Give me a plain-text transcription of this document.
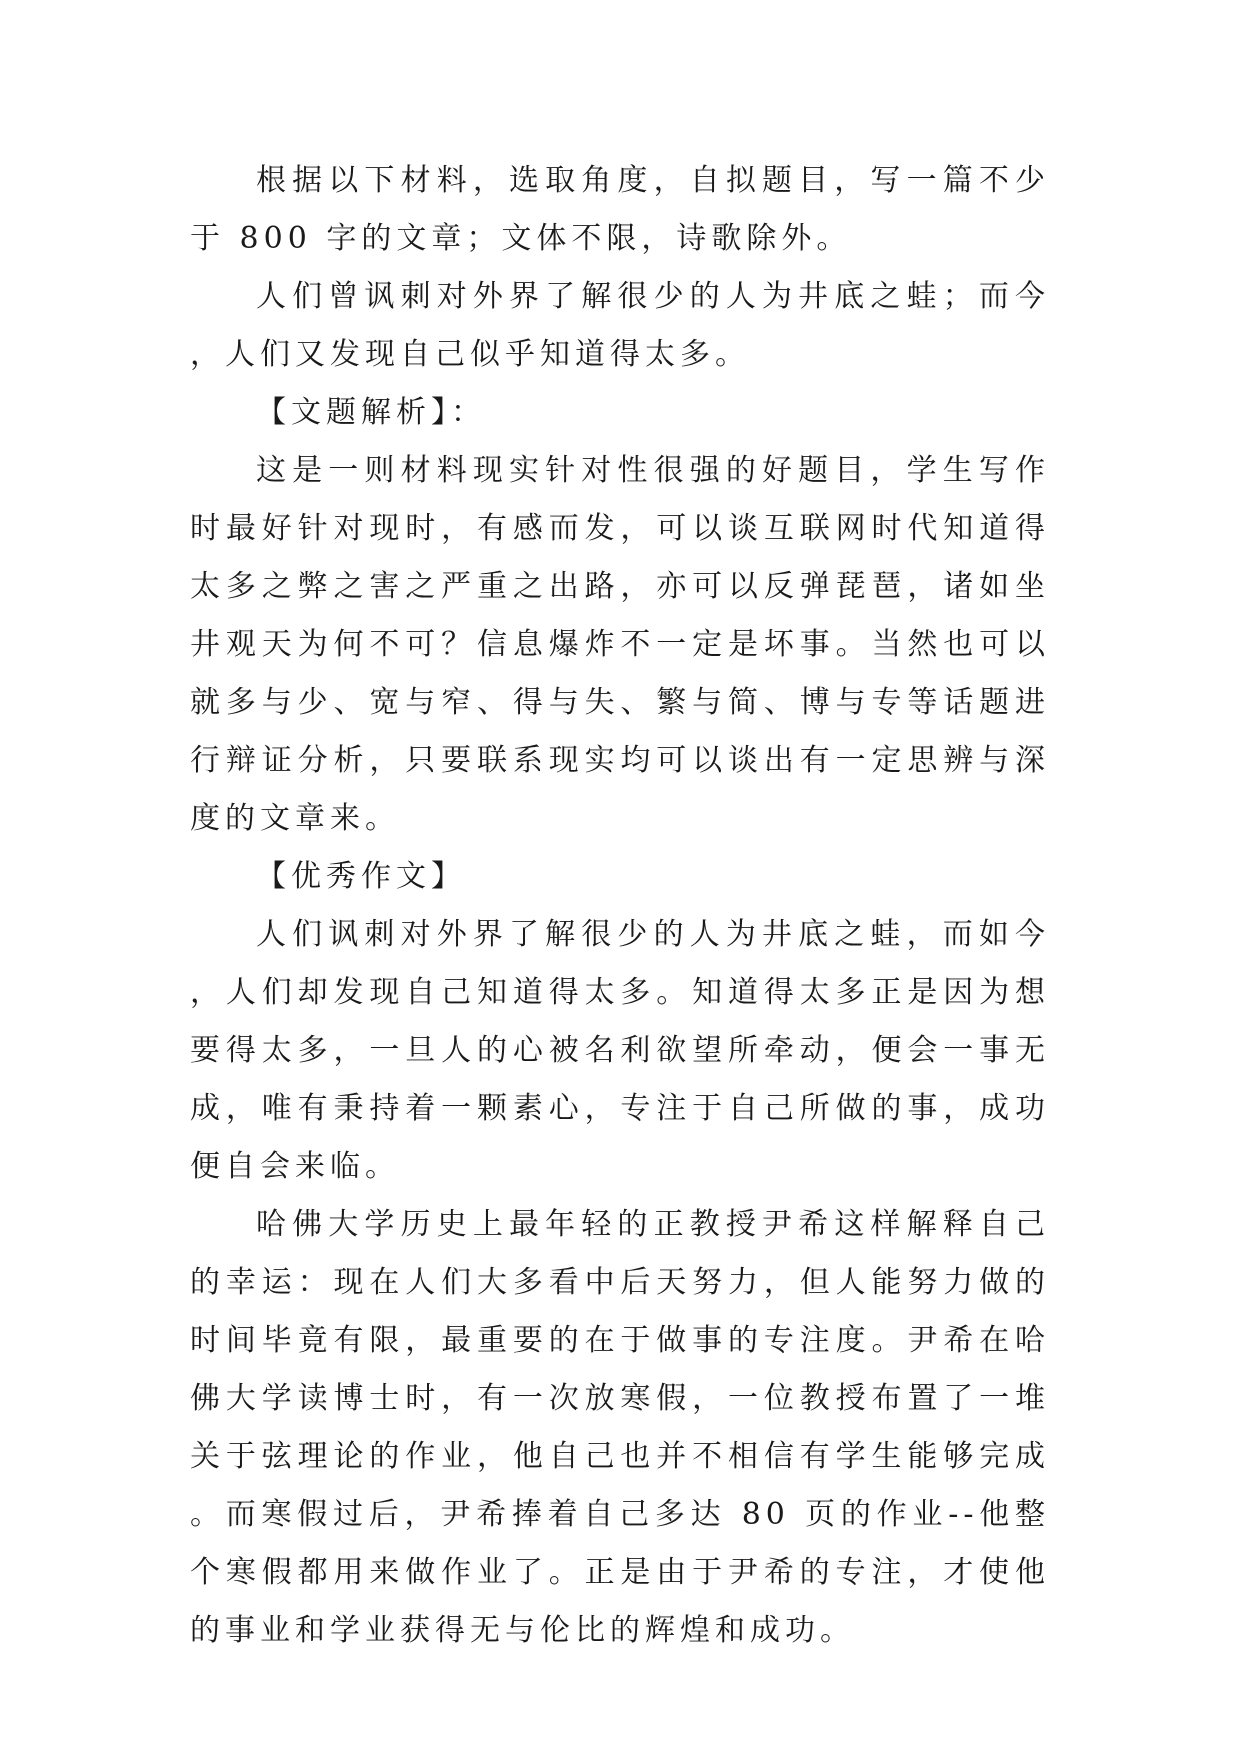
根据以下材料，选取角度，自拟题目，写一篇不少于 800 字的文章；文体不限，诗歌除外。

人们曾讽刺对外界了解很少的人为井底之蛙；而今，人们又发现自己似乎知道得太多。

【文题解析】：

这是一则材料现实针对性很强的好题目，学生写作时最好针对现时，有感而发，可以谈互联网时代知道得太多之弊之害之严重之出路，亦可以反弹琵琶，诸如坐井观天为何不可？信息爆炸不一定是坏事。当然也可以就多与少、宽与窄、得与失、繁与简、博与专等话题进行辩证分析，只要联系现实均可以谈出有一定思辨与深度的文章来。

【优秀作文】

人们讽刺对外界了解很少的人为井底之蛙，而如今，人们却发现自己知道得太多。知道得太多正是因为想要得太多，一旦人的心被名利欲望所牵动，便会一事无成，唯有秉持着一颗素心，专注于自己所做的事，成功便自会来临。

哈佛大学历史上最年轻的正教授尹希这样解释自己的幸运：现在人们大多看中后天努力，但人能努力做的时间毕竟有限，最重要的在于做事的专注度。尹希在哈佛大学读博士时，有一次放寒假，一位教授布置了一堆关于弦理论的作业，他自己也并不相信有学生能够完成。而寒假过后，尹希捧着自己多达 80 页的作业--他整个寒假都用来做作业了。正是由于尹希的专注，才使他的事业和学业获得无与伦比的辉煌和成功。
